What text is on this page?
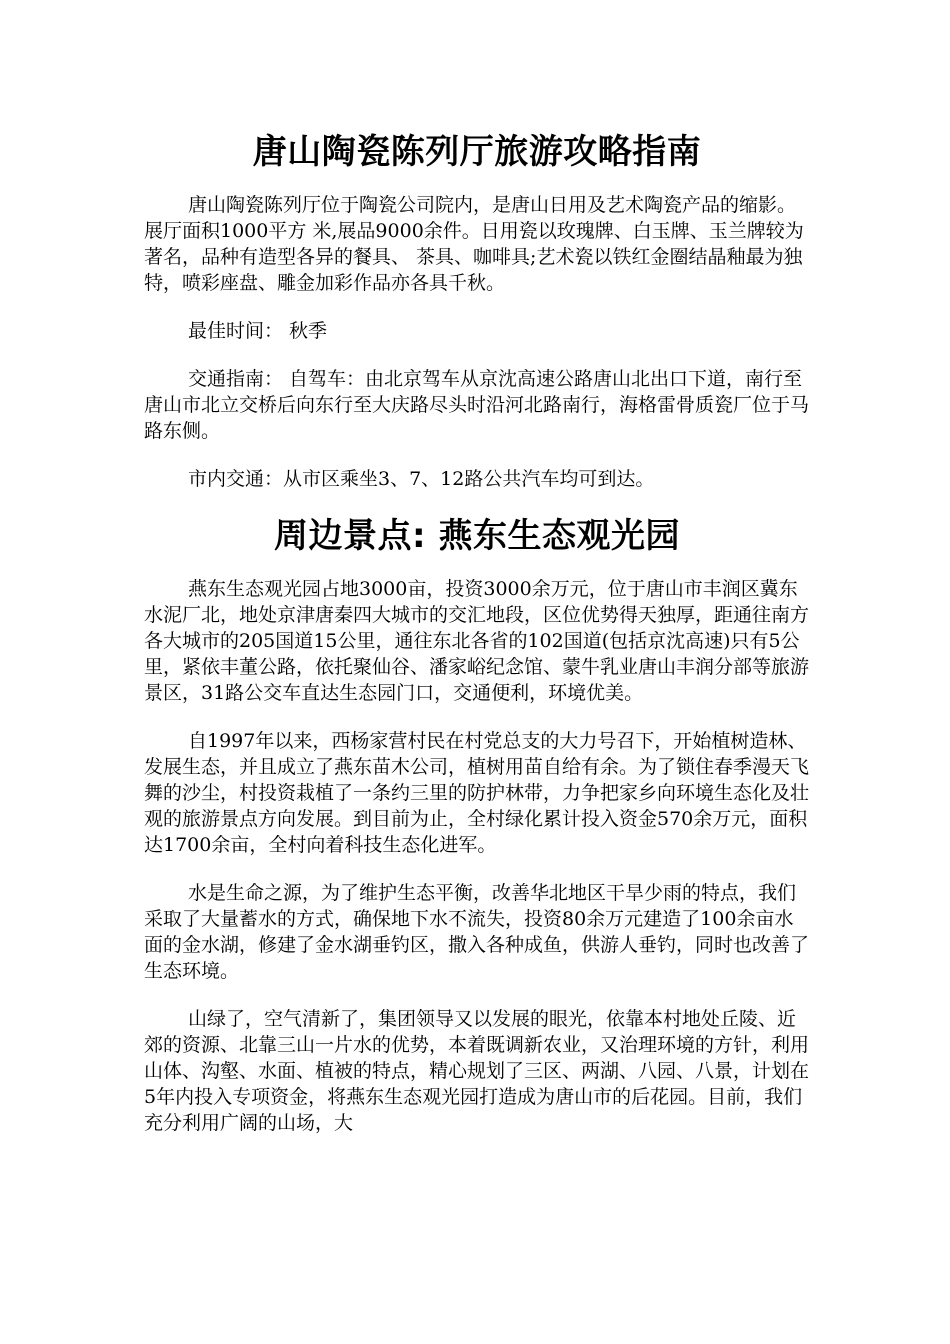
唐山陶瓷陈列厅旅游攻略指南

唐山陶瓷陈列厅位于陶瓷公司院内，是唐山日用及艺术陶瓷产品的缩影。展厅面积1000平方 米,展品9000余件。日用瓷以玫瑰牌、白玉牌、玉兰牌较为著名，品种有造型各异的餐具、 茶具、咖啡具;艺术瓷以铁红金圈结晶釉最为独特，喷彩座盘、雕金加彩作品亦各具千秋。

最佳时间： 秋季

交通指南： 自驾车：由北京驾车从京沈高速公路唐山北出口下道，南行至唐山市北立交桥后向东行至大庆路尽头时沿河北路南行，海格雷骨质瓷厂位于马路东侧。

市内交通：从市区乘坐3、7、12路公共汽车均可到达。

周边景点: 燕东生态观光园

燕东生态观光园占地3000亩，投资3000余万元，位于唐山市丰润区冀东水泥厂北，地处京津唐秦四大城市的交汇地段，区位优势得天独厚，距通往南方各大城市的205国道15公里，通往东北各省的102国道(包括京沈高速)只有5公里，紧依丰董公路，依托聚仙谷、潘家峪纪念馆、蒙牛乳业唐山丰润分部等旅游景区，31路公交车直达生态园门口，交通便利，环境优美。

自1997年以来，西杨家营村民在村党总支的大力号召下，开始植树造林、发展生态，并且成立了燕东苗木公司，植树用苗自给有余。为了锁住春季漫天飞舞的沙尘，村投资栽植了一条约三里的防护林带，力争把家乡向环境生态化及壮观的旅游景点方向发展。到目前为止，全村绿化累计投入资金570余万元，面积达1700余亩，全村向着科技生态化进军。

水是生命之源，为了维护生态平衡，改善华北地区干旱少雨的特点，我们采取了大量蓄水的方式，确保地下水不流失，投资80余万元建造了100余亩水面的金水湖，修建了金水湖垂钓区，撒入各种成鱼，供游人垂钓，同时也改善了生态环境。

山绿了，空气清新了，集团领导又以发展的眼光，依靠本村地处丘陵、近郊的资源、北靠三山一片水的优势，本着既调新农业，又治理环境的方针，利用山体、沟壑、水面、植被的特点，精心规划了三区、两湖、八园、八景，计划在5年内投入专项资金，将燕东生态观光园打造成为唐山市的后花园。目前，我们充分利用广阔的山场，大
